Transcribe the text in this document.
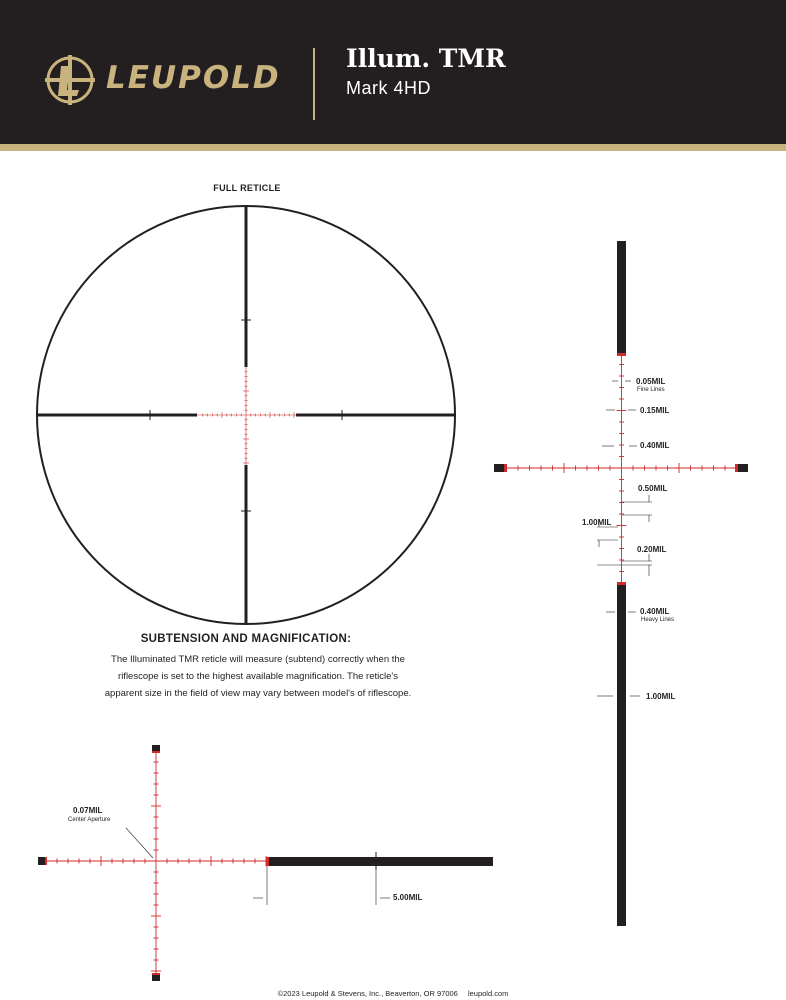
LEUPOLD
Illum. TMR
Mark 4HD
FULL RETICLE
0.05MIL
Fine Lines
0.15MIL
0.40MIL
0.50MIL
1.00MIL
0.20MIL
0.40MIL
Heavy Lines
1.00MIL
0.07MIL
Center Aperture
5.00MIL
SUBTENSION AND MAGNIFICATION:
The Illuminated TMR reticle will measure (subtend) correctly when the riflescope is set to the highest available magnification. The reticle's apparent size in the field of view may vary between model's of riflescope.
©2023 Leupold & Stevens, Inc., Beaverton, OR 97006 leupold.com
